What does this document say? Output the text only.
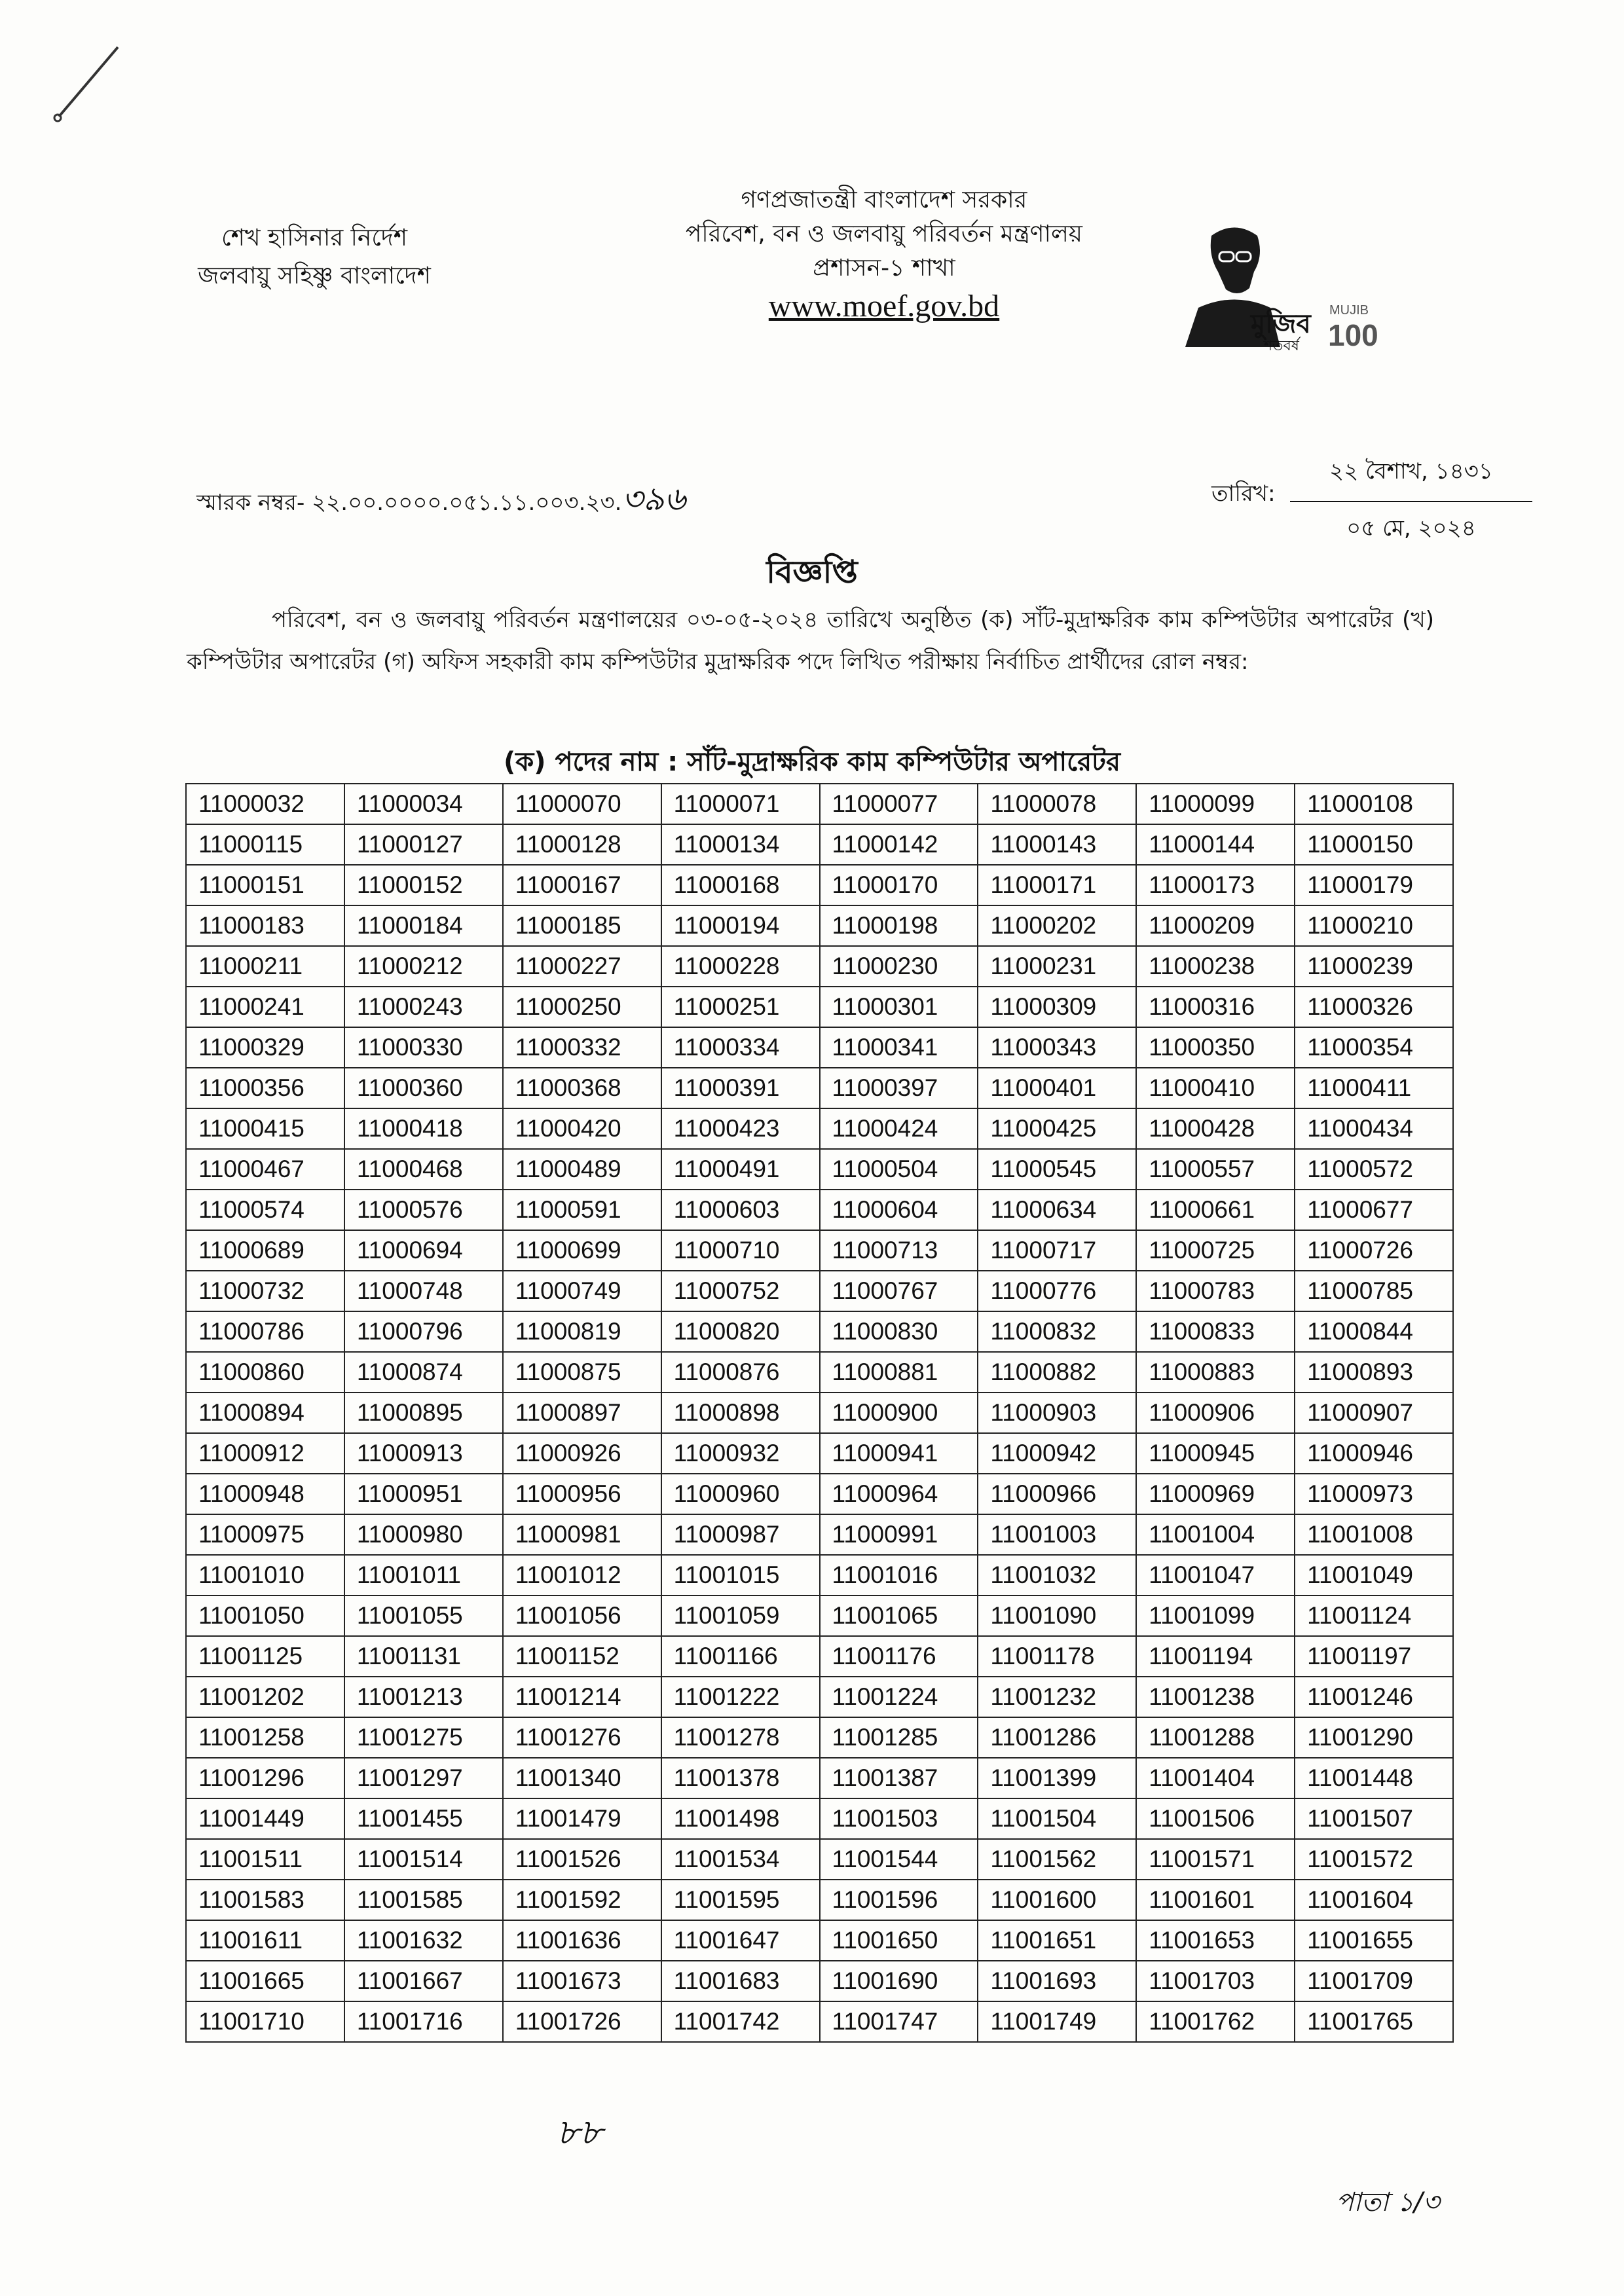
শেখ হাসিনার নির্দেশ
জলবায়ু সহিষ্ণু বাংলাদেশ
গণপ্রজাতন্ত্রী বাংলাদেশ সরকার
পরিবেশ, বন ও জলবায়ু পরিবর্তন মন্ত্রণালয়
প্রশাসন-১ শাখা
www.moef.gov.bd
মুজিব
শতবর্ষ
MUJIB
100
স্মারক নম্বর- ২২.০০.০০০০.০৫১.১১.০০৩.২৩.৩৯৬	তারিখ:
২২ বৈশাখ, ১৪৩১
০৫ মে, ২০২৪
বিজ্ঞপ্তি
পরিবেশ, বন ও জলবায়ু পরিবর্তন মন্ত্রণালয়ের ০৩-০৫-২০২৪ তারিখে অনুষ্ঠিত (ক) সাঁট-মুদ্রাক্ষরিক কাম কম্পিউটার অপারেটর (খ) কম্পিউটার অপারেটর (গ) অফিস সহকারী কাম কম্পিউটার মুদ্রাক্ষরিক পদে লিখিত পরীক্ষায় নির্বাচিত প্রার্থীদের রোল নম্বর:
(ক) পদের নাম : সাঁট-মুদ্রাক্ষরিক কাম কম্পিউটার অপারেটর
11000032	11000034	11000070	11000071	11000077	11000078	11000099	11000108
11000115	11000127	11000128	11000134	11000142	11000143	11000144	11000150
11000151	11000152	11000167	11000168	11000170	11000171	11000173	11000179
11000183	11000184	11000185	11000194	11000198	11000202	11000209	11000210
11000211	11000212	11000227	11000228	11000230	11000231	11000238	11000239
11000241	11000243	11000250	11000251	11000301	11000309	11000316	11000326
11000329	11000330	11000332	11000334	11000341	11000343	11000350	11000354
11000356	11000360	11000368	11000391	11000397	11000401	11000410	11000411
11000415	11000418	11000420	11000423	11000424	11000425	11000428	11000434
11000467	11000468	11000489	11000491	11000504	11000545	11000557	11000572
11000574	11000576	11000591	11000603	11000604	11000634	11000661	11000677
11000689	11000694	11000699	11000710	11000713	11000717	11000725	11000726
11000732	11000748	11000749	11000752	11000767	11000776	11000783	11000785
11000786	11000796	11000819	11000820	11000830	11000832	11000833	11000844
11000860	11000874	11000875	11000876	11000881	11000882	11000883	11000893
11000894	11000895	11000897	11000898	11000900	11000903	11000906	11000907
11000912	11000913	11000926	11000932	11000941	11000942	11000945	11000946
11000948	11000951	11000956	11000960	11000964	11000966	11000969	11000973
11000975	11000980	11000981	11000987	11000991	11001003	11001004	11001008
11001010	11001011	11001012	11001015	11001016	11001032	11001047	11001049
11001050	11001055	11001056	11001059	11001065	11001090	11001099	11001124
11001125	11001131	11001152	11001166	11001176	11001178	11001194	11001197
11001202	11001213	11001214	11001222	11001224	11001232	11001238	11001246
11001258	11001275	11001276	11001278	11001285	11001286	11001288	11001290
11001296	11001297	11001340	11001378	11001387	11001399	11001404	11001448
11001449	11001455	11001479	11001498	11001503	11001504	11001506	11001507
11001511	11001514	11001526	11001534	11001544	11001562	11001571	11001572
11001583	11001585	11001592	11001595	11001596	11001600	11001601	11001604
11001611	11001632	11001636	11001647	11001650	11001651	11001653	11001655
11001665	11001667	11001673	11001683	11001690	11001693	11001703	11001709
11001710	11001716	11001726	11001742	11001747	11001749	11001762	11001765
৮৮
পাতা ১/৩
